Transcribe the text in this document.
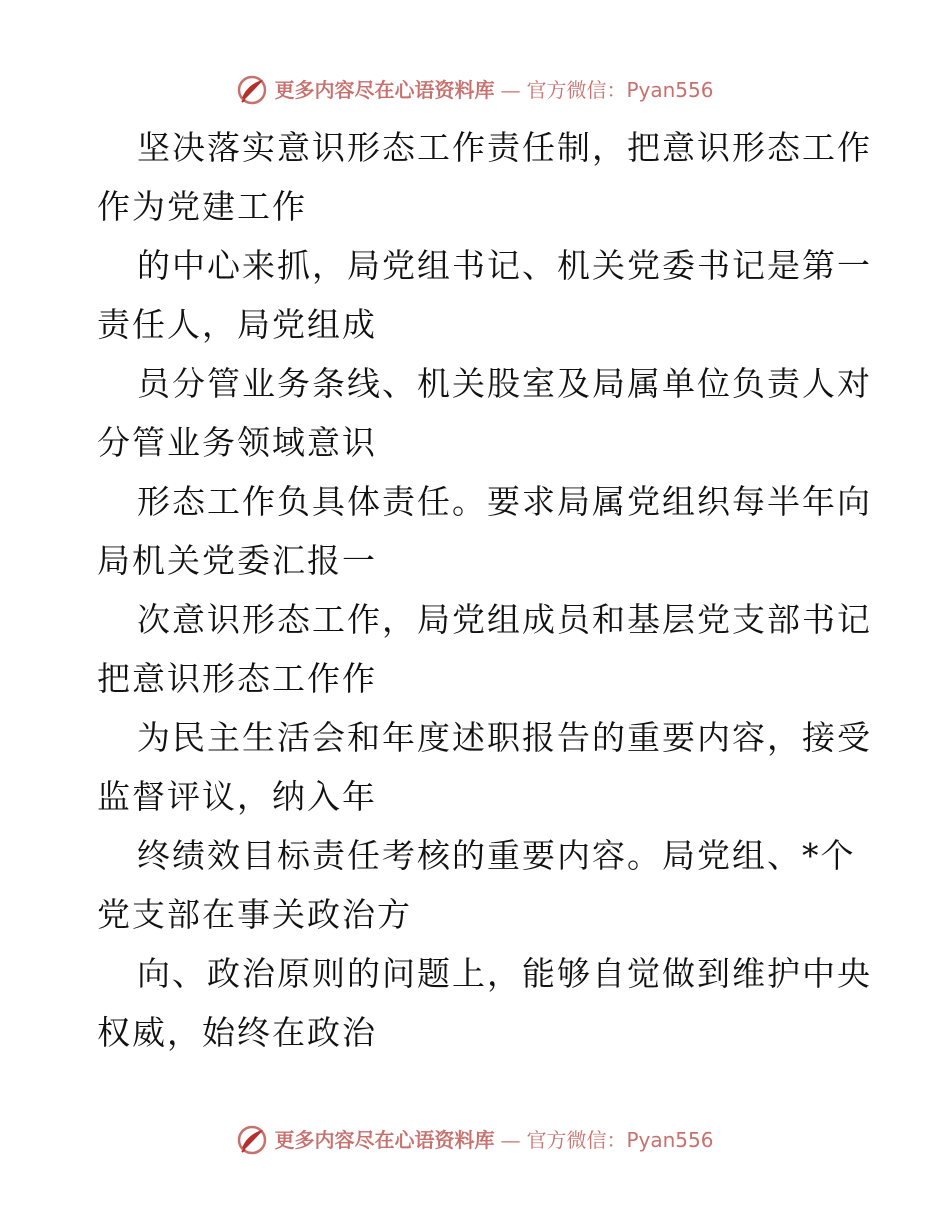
更多内容尽在心语资料库 — 官方微信：Pyan556
坚决落实意识形态工作责任制，把意识形态工作
作为党建工作
的中心来抓，局党组书记、机关党委书记是第一
责任人，局党组成
员分管业务条线、机关股室及局属单位负责人对
分管业务领域意识
形态工作负具体责任。要求局属党组织每半年向
局机关党委汇报一
次意识形态工作，局党组成员和基层党支部书记
把意识形态工作作
为民主生活会和年度述职报告的重要内容，接受
监督评议，纳入年
终绩效目标责任考核的重要内容。局党组、*个
党支部在事关政治方
向、政治原则的问题上，能够自觉做到维护中央
权威，始终在政治
更多内容尽在心语资料库 — 官方微信：Pyan556
